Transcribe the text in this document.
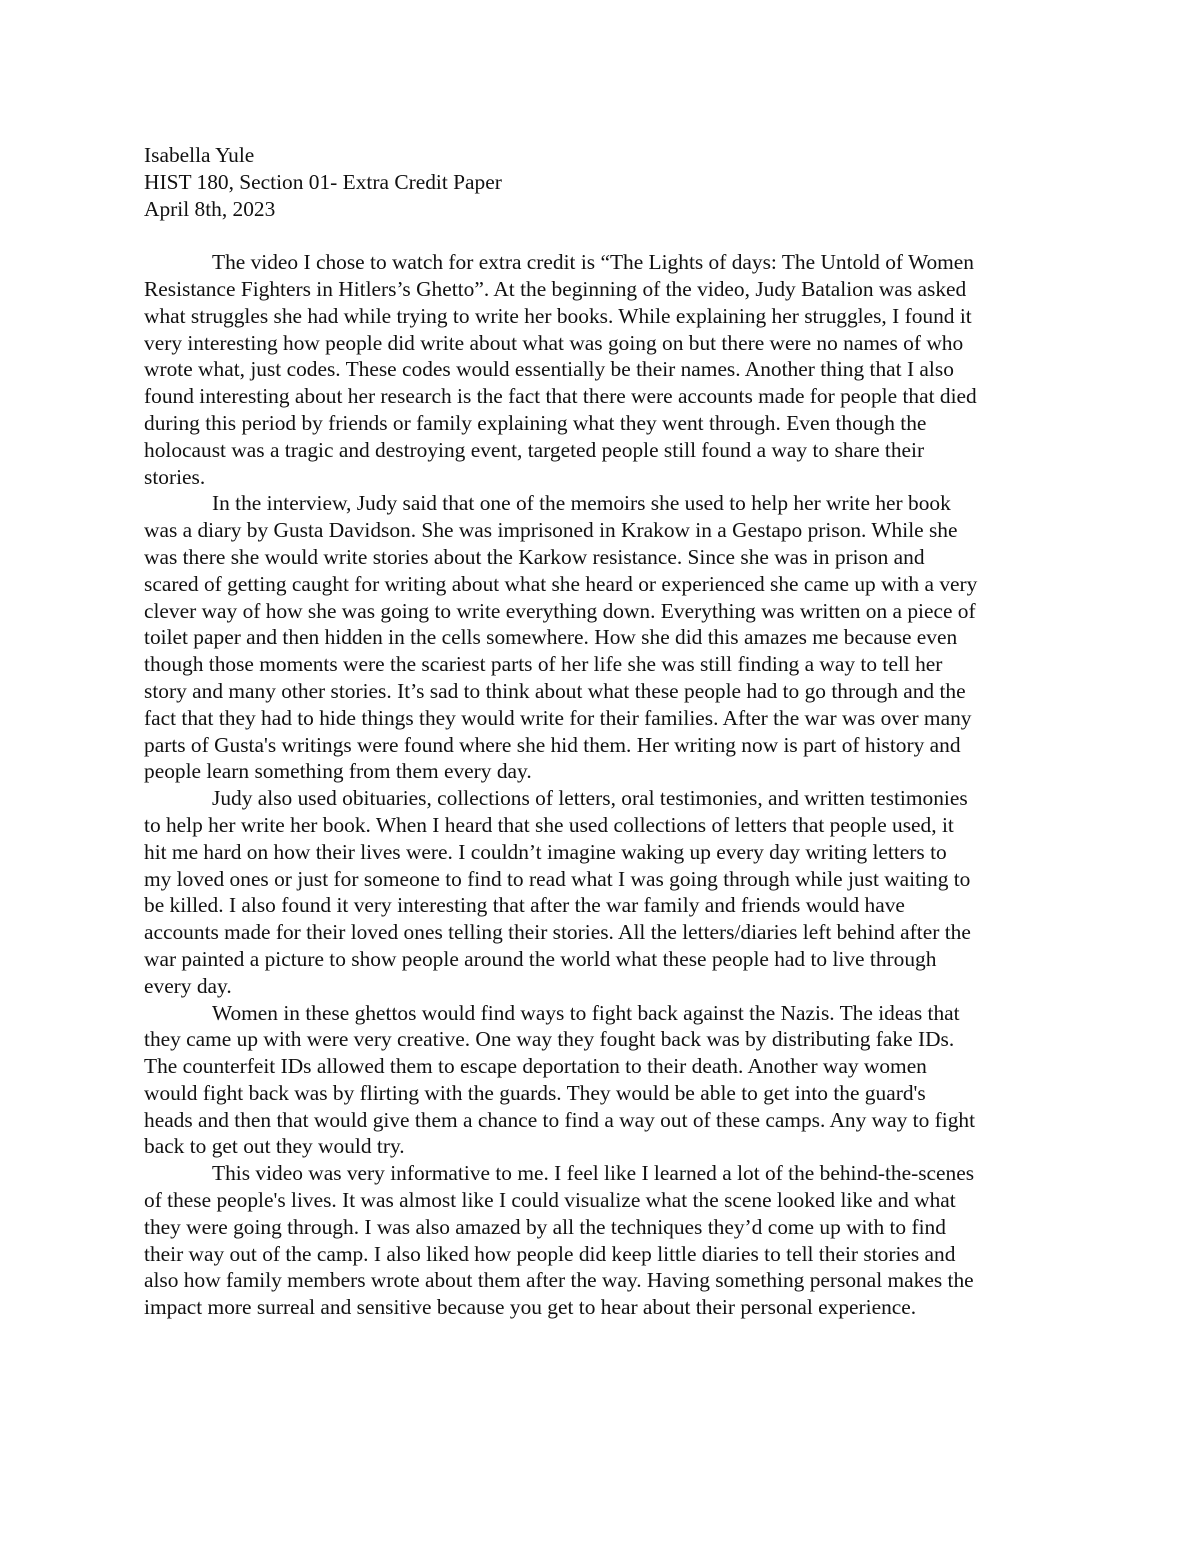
Isabella Yule

HIST 180, Section 01- Extra Credit Paper

April 8th, 2023

The video I chose to watch for extra credit is “The Lights of days: The Untold of Women
Resistance Fighters in Hitlers’s Ghetto”. At the beginning of the video, Judy Batalion was asked
what struggles she had while trying to write her books. While explaining her struggles, I found it
very interesting how people did write about what was going on but there were no names of who
wrote what, just codes. These codes would essentially be their names. Another thing that I also
found interesting about her research is the fact that there were accounts made for people that died
during this period by friends or family explaining what they went through. Even though the
holocaust was a tragic and destroying event, targeted people still found a way to share their
stories.

In the interview, Judy said that one of the memoirs she used to help her write her book
was a diary by Gusta Davidson. She was imprisoned in Krakow in a Gestapo prison. While she
was there she would write stories about the Karkow resistance. Since she was in prison and
scared of getting caught for writing about what she heard or experienced she came up with a very
clever way of how she was going to write everything down. Everything was written on a piece of
toilet paper and then hidden in the cells somewhere. How she did this amazes me because even
though those moments were the scariest parts of her life she was still finding a way to tell her
story and many other stories. It’s sad to think about what these people had to go through and the
fact that they had to hide things they would write for their families. After the war was over many
parts of Gusta's writings were found where she hid them. Her writing now is part of history and
people learn something from them every day.

Judy also used obituaries, collections of letters, oral testimonies, and written testimonies
to help her write her book. When I heard that she used collections of letters that people used, it
hit me hard on how their lives were. I couldn’t imagine waking up every day writing letters to
my loved ones or just for someone to find to read what I was going through while just waiting to
be killed. I also found it very interesting that after the war family and friends would have
accounts made for their loved ones telling their stories. All the letters/diaries left behind after the
war painted a picture to show people around the world what these people had to live through
every day.

Women in these ghettos would find ways to fight back against the Nazis. The ideas that
they came up with were very creative. One way they fought back was by distributing fake IDs.
The counterfeit IDs allowed them to escape deportation to their death. Another way women
would fight back was by flirting with the guards. They would be able to get into the guard's
heads and then that would give them a chance to find a way out of these camps. Any way to fight
back to get out they would try.

This video was very informative to me. I feel like I learned a lot of the behind-the-scenes
of these people's lives. It was almost like I could visualize what the scene looked like and what
they were going through. I was also amazed by all the techniques they’d come up with to find
their way out of the camp. I also liked how people did keep little diaries to tell their stories and
also how family members wrote about them after the way. Having something personal makes the
impact more surreal and sensitive because you get to hear about their personal experience.
